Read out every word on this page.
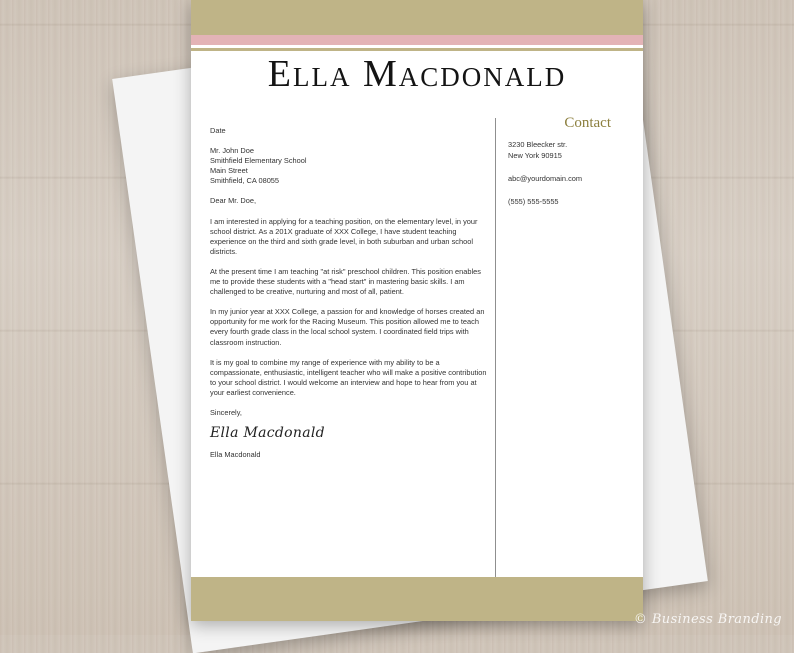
Ella Macdonald

Date

Mr. John Doe
Smithfield Elementary School
Main Street
Smithfield, CA 08055

Dear Mr. Doe,

I am interested in applying for a teaching position, on the elementary level, in your school district. As a 201X graduate of XXX College, I have student teaching experience on the third and sixth grade level, in both suburban and urban school districts.

At the present time I am teaching "at risk" preschool children. This position enables me to provide these students with a "head start" in mastering basic skills. I am challenged to be creative, nurturing and most of all, patient.

In my junior year at XXX College, a passion for and knowledge of horses created an opportunity for me work for the Racing Museum. This position allowed me to teach every fourth grade class in the local school system. I coordinated field trips with classroom instruction.

It is my goal to combine my range of experience with my ability to be a compassionate, enthusiastic, intelligent teacher who will make a positive contribution to your school district. I would welcome an interview and hope to hear from you at your earliest convenience.

Sincerely,

Ella Macdonald

Ella Macdonald

Contact

3230 Bleecker str.
New York 90915

abc@yourdomain.com

(555) 555-5555

© Business Branding
